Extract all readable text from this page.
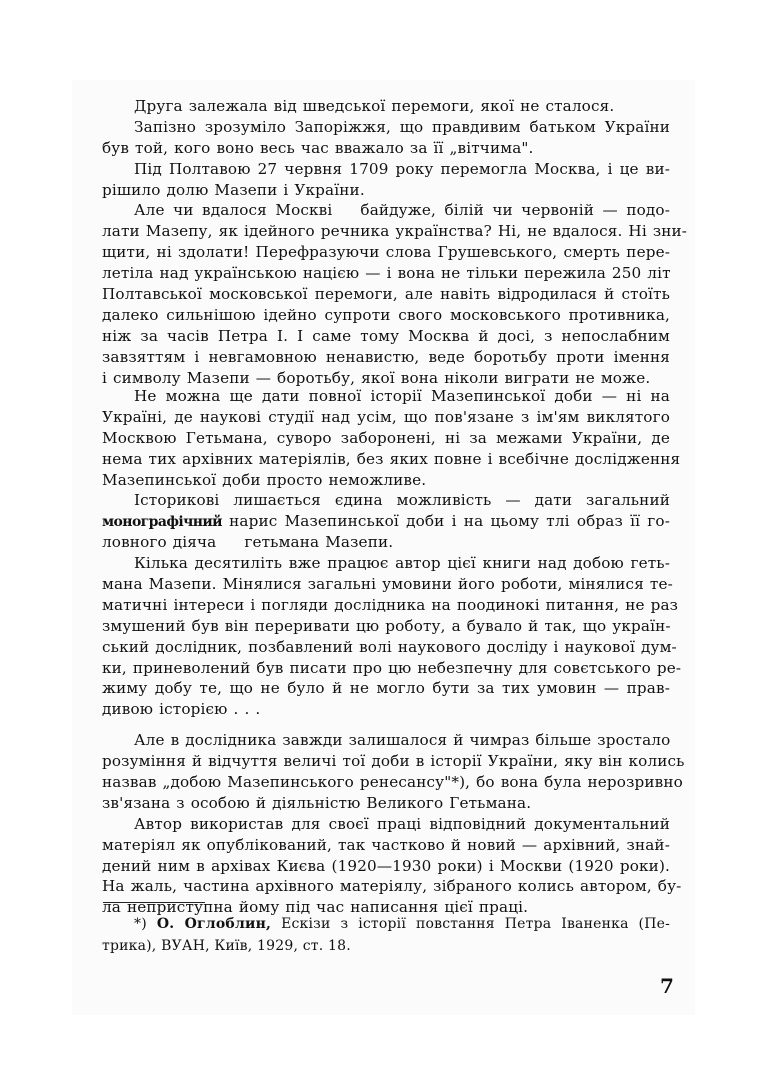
Друга залежала від шведської перемоги, якої не сталося.
Запізно зрозуміло Запоріжжя, що правдивим батьком України
був той, кого воно весь час вважало за її „вітчима".
Під Полтавою 27 червня 1709 року перемогла Москва, і це ви-
рішило долю Мазепи і України.
Але чи вдалося Москві байдуже, білій чи червоній — подо-
лати Мазепу, як ідейного речника українства? Ні, не вдалося. Ні зни-
щити, ні здолати! Перефразуючи слова Грушевського, смерть пере-
летіла над українською нацією — і вона не тільки пережила 250 літ
Полтавської московської перемоги, але навіть відродилася й стоїть
далеко сильнішою ідейно супроти свого московського противника,
ніж за часів Петра І. І саме тому Москва й досі, з непослабним
завзяттям і невгамовною ненавистю, веде боротьбу проти імення
і символу Мазепи — боротьбу, якої вона ніколи виграти не може.
Не можна ще дати повної історії Мазепинської доби — ні на
Україні, де наукові студії над усім, що пов'язане з ім'ям виклятого
Москвою Гетьмана, суворо заборонені, ні за межами України, де
нема тих архівних матеріялів, без яких повне і всебічне дослідження
Мазепинської доби просто неможливе.
Історикові лишається єдина можливість — дати загальний
монографічний нарис Мазепинської доби і на цьому тлі образ її го-
ловного діяча гетьмана Мазепи.
Кілька десятиліть вже працює автор цієї книги над добою геть-
мана Мазепи. Мінялися загальні умовини його роботи, мінялися те-
матичні інтереси і погляди дослідника на поодинокі питання, не раз
змушений був він переривати цю роботу, а бувало й так, що україн-
ський дослідник, позбавлений волі наукового досліду і наукової дум-
ки, приневолений був писати про цю небезпечну для совєтського ре-
жиму добу те, що не було й не могло бути за тих умовин — прав-
дивою історією . . .
Але в дослідника завжди залишалося й чимраз більше зростало
розуміння й відчуття величі тої доби в історії України, яку він колись
назвав „добою Мазепинського ренесансу"*), бо вона була нерозривно
зв'язана з особою й діяльністю Великого Гетьмана.
Автор використав для своєї праці відповідний документальний
матеріял як опублікований, так частково й новий — архівний, знай-
дений ним в архівах Києва (1920—1930 роки) і Москви (1920 роки).
На жаль, частина архівного матеріялу, зібраного колись автором, бу-
ла неприступна йому під час написання цієї праці.
*) О. Оглоблин, Ескізи з історії повстання Петра Іваненка (Пе-
трика), ВУАН, Київ, 1929, ст. 18.
7
